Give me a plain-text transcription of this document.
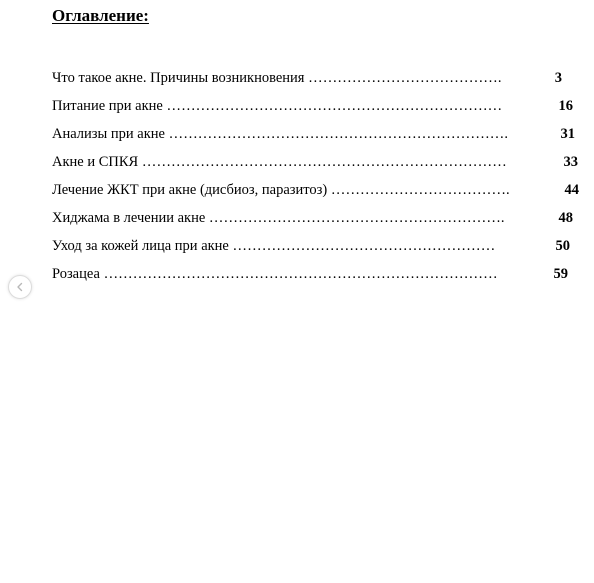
Оглавление:
Что такое акне. Причины возникновения ………………………………….	3
Питание при акне ……………………………………………………………	16
Анализы при акне …………………………………………………………….	31
Акне и СПКЯ …………………………………………………………………	33
Лечение ЖКТ при акне (дисбиоз, паразитоз) ……………………………….	44
Хиджама в лечении акне …………………………………………………….	48
Уход за кожей лица при акне ………………………………………………	50
Розацеа ………………………………………………………………………	59
